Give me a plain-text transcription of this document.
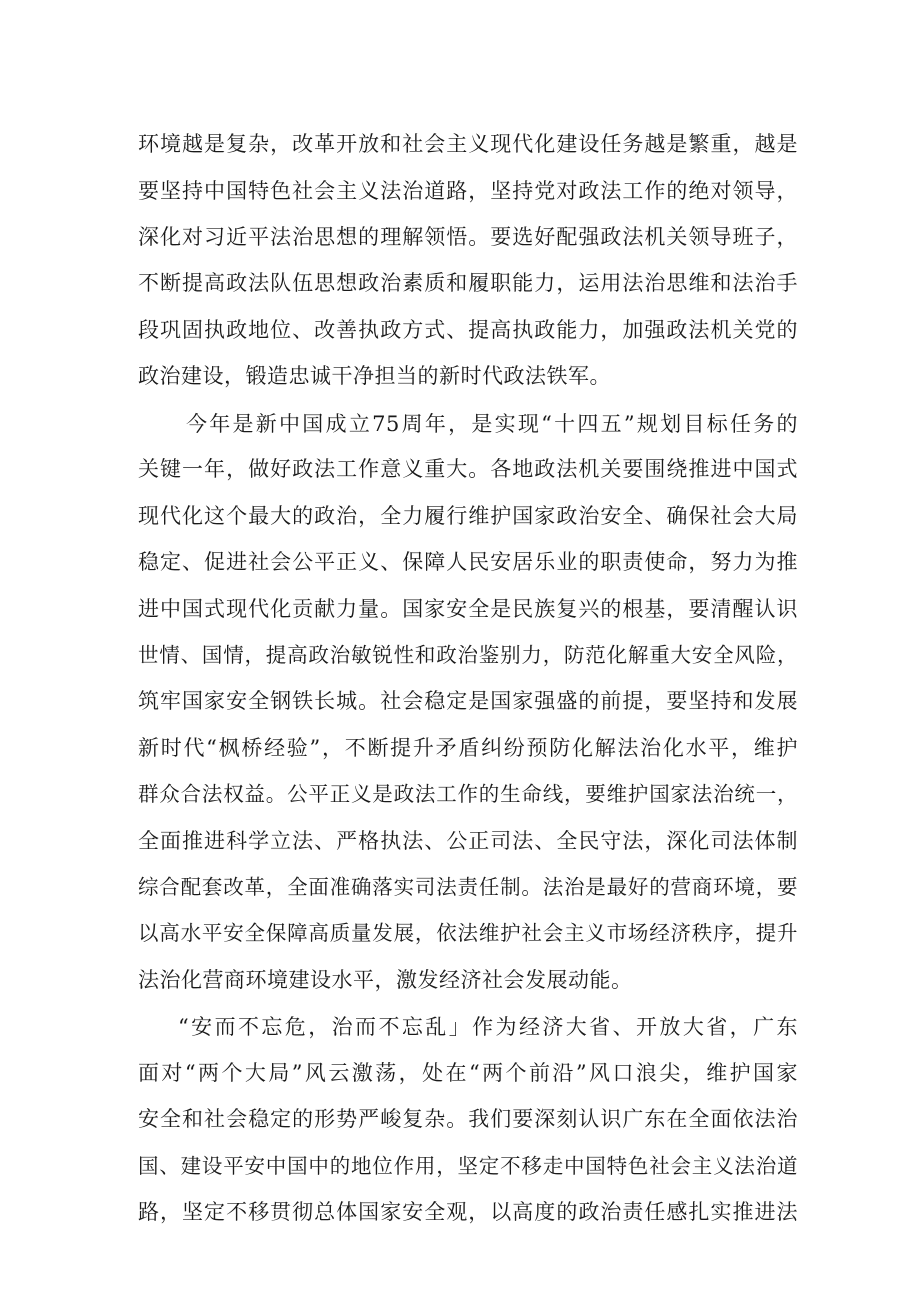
环境越是复杂，改革开放和社会主义现代化建设任务越是繁重，越是
要坚持中国特色社会主义法治道路，坚持党对政法工作的绝对领导，
深化对习近平法治思想的理解领悟。要选好配强政法机关领导班子，
不断提高政法队伍思想政治素质和履职能力，运用法治思维和法治手
段巩固执政地位、改善执政方式、提高执政能力，加强政法机关党的
政治建设，锻造忠诚干净担当的新时代政法铁军。
今年是新中国成立75周年，是实现“十四五”规划目标任务的
关键一年，做好政法工作意义重大。各地政法机关要围绕推进中国式
现代化这个最大的政治，全力履行维护国家政治安全、确保社会大局
稳定、促进社会公平正义、保障人民安居乐业的职责使命，努力为推
进中国式现代化贡献力量。国家安全是民族复兴的根基，要清醒认识
世情、国情，提高政治敏锐性和政治鉴别力，防范化解重大安全风险，
筑牢国家安全钢铁长城。社会稳定是国家强盛的前提，要坚持和发展
新时代“枫桥经验”，不断提升矛盾纠纷预防化解法治化水平，维护
群众合法权益。公平正义是政法工作的生命线，要维护国家法治统一，
全面推进科学立法、严格执法、公正司法、全民守法，深化司法体制
综合配套改革，全面准确落实司法责任制。法治是最好的营商环境，要
以高水平安全保障高质量发展，依法维护社会主义市场经济秩序，提升
法治化营商环境建设水平，激发经济社会发展动能。
“安而不忘危，治而不忘乱」作为经济大省、开放大省，广东
面对“两个大局”风云激荡，处在“两个前沿”风口浪尖，维护国家
安全和社会稳定的形势严峻复杂。我们要深刻认识广东在全面依法治
国、建设平安中国中的地位作用，坚定不移走中国特色社会主义法治道
路，坚定不移贯彻总体国家安全观，以高度的政治责任感扎实推进法
